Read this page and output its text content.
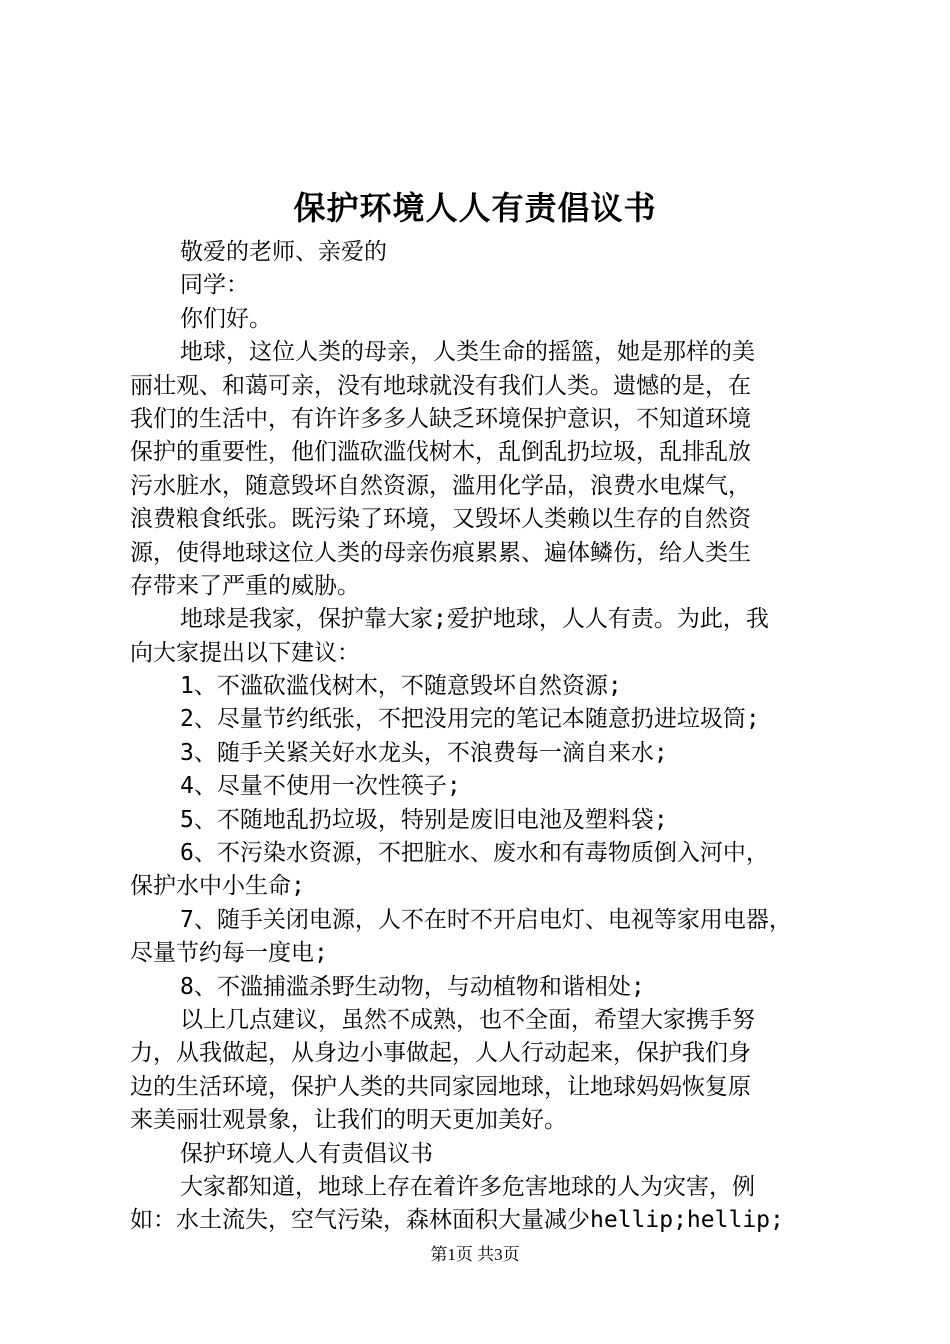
保护环境人人有责倡议书
敬爱的老师、亲爱的
同学：
你们好。
地球，这位人类的母亲，人类生命的摇篮，她是那样的美
丽壮观、和蔼可亲，没有地球就没有我们人类。遗憾的是，在
我们的生活中，有许许多多人缺乏环境保护意识，不知道环境
保护的重要性，他们滥砍滥伐树木，乱倒乱扔垃圾，乱排乱放
污水脏水，随意毁坏自然资源，滥用化学品，浪费水电煤气，
浪费粮食纸张。既污染了环境，又毁坏人类赖以生存的自然资
源，使得地球这位人类的母亲伤痕累累、遍体鳞伤，给人类生
存带来了严重的威胁。
地球是我家，保护靠大家;爱护地球，人人有责。为此，我
向大家提出以下建议：
1、不滥砍滥伐树木，不随意毁坏自然资源;
2、尽量节约纸张，不把没用完的笔记本随意扔进垃圾筒;
3、随手关紧关好水龙头，不浪费每一滴自来水;
4、尽量不使用一次性筷子;
5、不随地乱扔垃圾，特别是废旧电池及塑料袋;
6、不污染水资源，不把脏水、废水和有毒物质倒入河中，
保护水中小生命;
7、随手关闭电源，人不在时不开启电灯、电视等家用电器，
尽量节约每一度电;
8、不滥捕滥杀野生动物，与动植物和谐相处;
以上几点建议，虽然不成熟，也不全面，希望大家携手努
力，从我做起，从身边小事做起，人人行动起来，保护我们身
边的生活环境，保护人类的共同家园地球，让地球妈妈恢复原
来美丽壮观景象，让我们的明天更加美好。
保护环境人人有责倡议书
大家都知道，地球上存在着许多危害地球的人为灾害，例
如：水土流失，空气污染，森林面积大量减少hellip;hellip;
第1页 共3页
